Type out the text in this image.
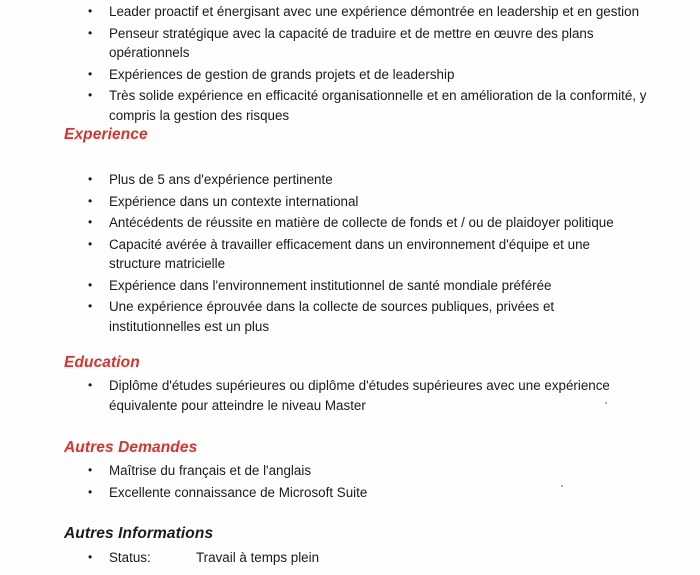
• Leader proactif et énergisant avec une expérience démontrée en leadership et en gestion
• Penseur stratégique avec la capacité de traduire et de mettre en œuvre des plans opérationnels
• Expériences de gestion de grands projets et de leadership
• Très solide expérience en efficacité organisationnelle et en amélioration de la conformité, y compris la gestion des risques
Experience
• Plus de 5 ans d'expérience pertinente
• Expérience dans un contexte international
• Antécédents de réussite en matière de collecte de fonds et / ou de plaidoyer politique
• Capacité avérée à travailler efficacement dans un environnement d'équipe et une structure matricielle
• Expérience dans l'environnement institutionnel de santé mondiale préférée
• Une expérience éprouvée dans la collecte de sources publiques, privées et institutionnelles est un plus
Education
• Diplôme d'études supérieures ou diplôme d'études supérieures avec une expérience équivalente pour atteindre le niveau Master
Autres Demandes
• Maîtrise du français et de l'anglais
• Excellente connaissance de Microsoft Suite
Autres Informations
• Status:	Travail à temps plein
